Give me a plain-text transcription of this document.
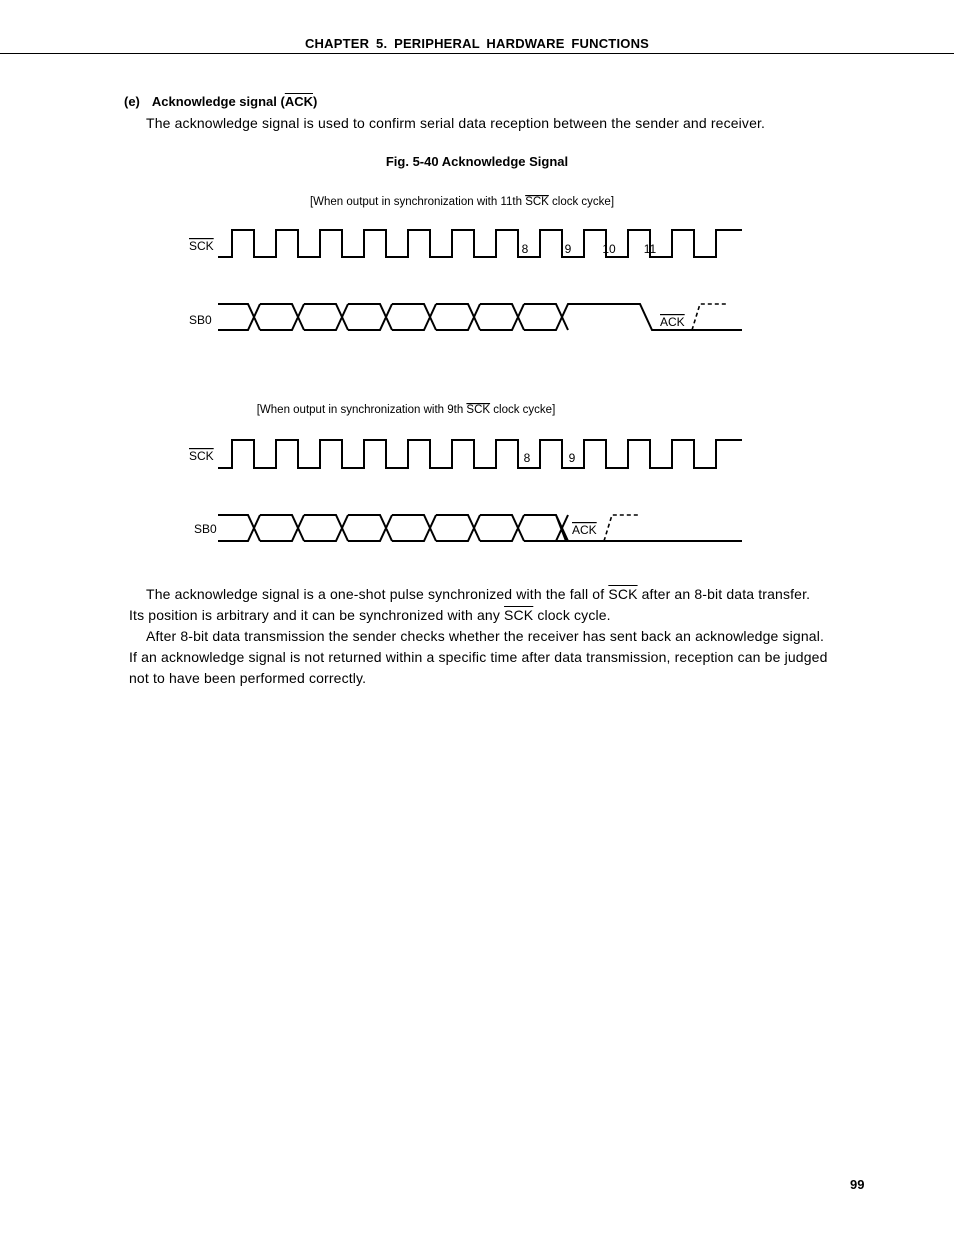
CHAPTER 5. PERIPHERAL HARDWARE FUNCTIONS
(e) Acknowledge signal $(\overline{ACK})$
The acknowledge signal is used to confirm serial data reception between the sender and receiver.
Fig. 5-40 Acknowledge Signal
[When output in synchronization with 11th SCK clock cycke]
SCK	8	9	10 11
SB0	ACK
[When output in synchronization with 9th SCK clock cycke]
SCK	8	9
SB0	ACK
The acknowledge signal is a one-shot pulse synchronized with the fall of $\overline{SCK}$ after an 8-bit data transfer.
Its position is arbitrary and it can be synchronized with any $\overline{SCK}$ clock cycle.
After 8-bit data transmission the sender checks whether the receiver has sent back an acknowledge signal.
If an acknowledge signal is not returned within a specific time after data transmission, reception can be judged
not to have been performed correctly.
99
